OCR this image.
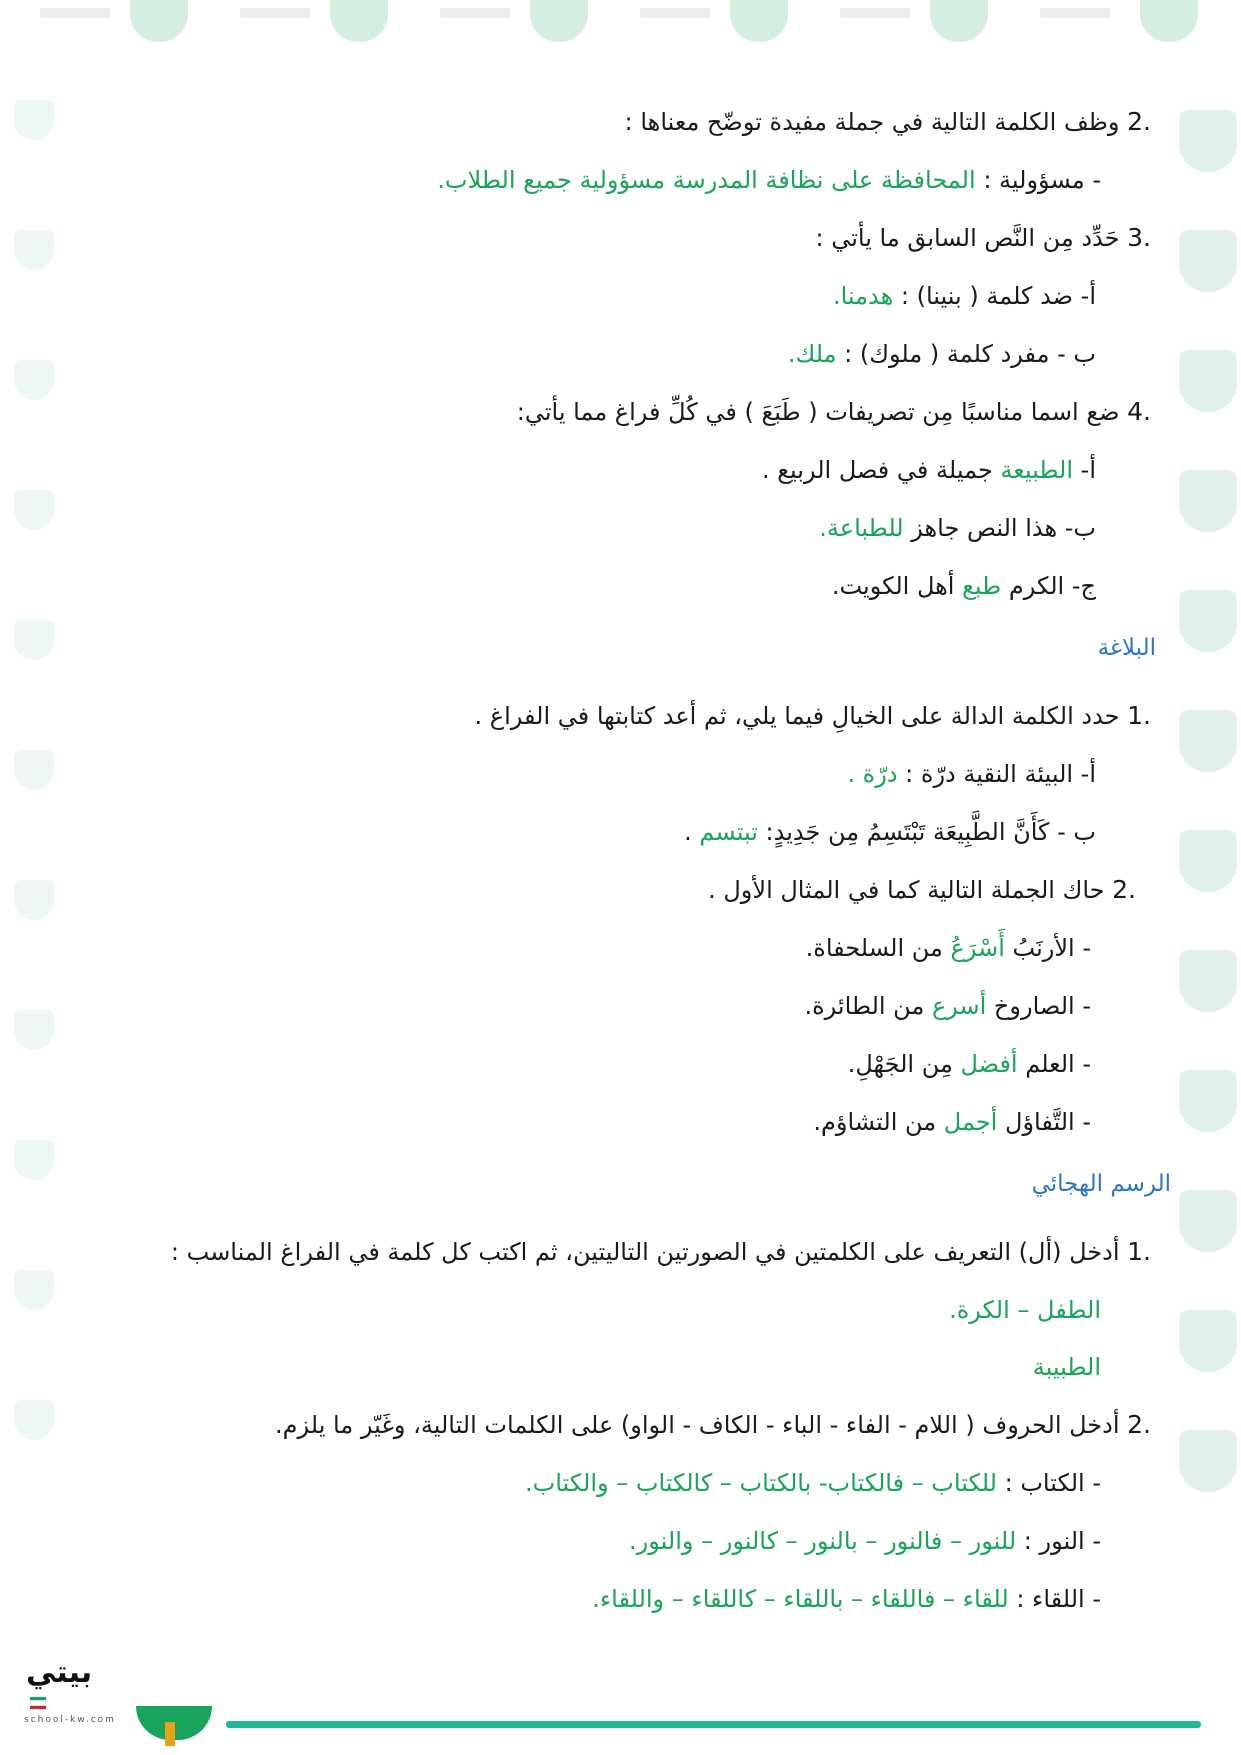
2. وظف الكلمة التالية في جملة مفيدة توضّح معناها :
- مسؤولية : المحافظة على نظافة المدرسة مسؤولية جميع الطلاب.
3. حَدِّد مِن النَّص السابق ما يأتي :
أ- ضد كلمة ( بنينا) : هدمنا.
ب - مفرد كلمة ( ملوك) : ملك.
4. ضع اسما مناسبًا مِن تصريفات ( طَبَعَ ) في كُلِّ فراغ مما يأتي:
أ- الطبيعة جميلة في فصل الربيع .
ب- هذا النص جاهز للطباعة.
ج- الكرم طبع أهل الكويت.
البلاغة
1. حدد الكلمة الدالة على الخيالِ فيما يلي، ثم أعد كتابتها في الفراغ .
أ- البيئة النقية درّة : درّة .
ب - كَأَنَّ الطَّبِيعَة تَبْتَسِمُ مِن جَدِيدٍ: تبتسم .
2. حاك الجملة التالية كما في المثال الأول .
- الأرنَبُ أَسْرَعُ من السلحفاة.
- الصاروخ أسرع من الطائرة.
- العلم أفضل مِن الجَهْلِ.
- التَّفاؤل أجمل من التشاؤم.
الرسم الهجائي
1. أدخل (أل) التعريف على الكلمتين في الصورتين التاليتين، ثم اكتب كل كلمة في الفراغ المناسب :
الطفل – الكرة.
الطبيبة
2. أدخل الحروف ( اللام - الفاء - الباء - الكاف - الواو) على الكلمات التالية، وغَيّر ما يلزم.
- الكتاب : للكتاب – فالكتاب- بالكتاب – كالكتاب – والكتاب.
- النور : للنور – فالنور – بالنور – كالنور – والنور.
- اللقاء : للقاء – فاللقاء – باللقاء – كاللقاء – واللقاء.
بيتي
school-kw.com
